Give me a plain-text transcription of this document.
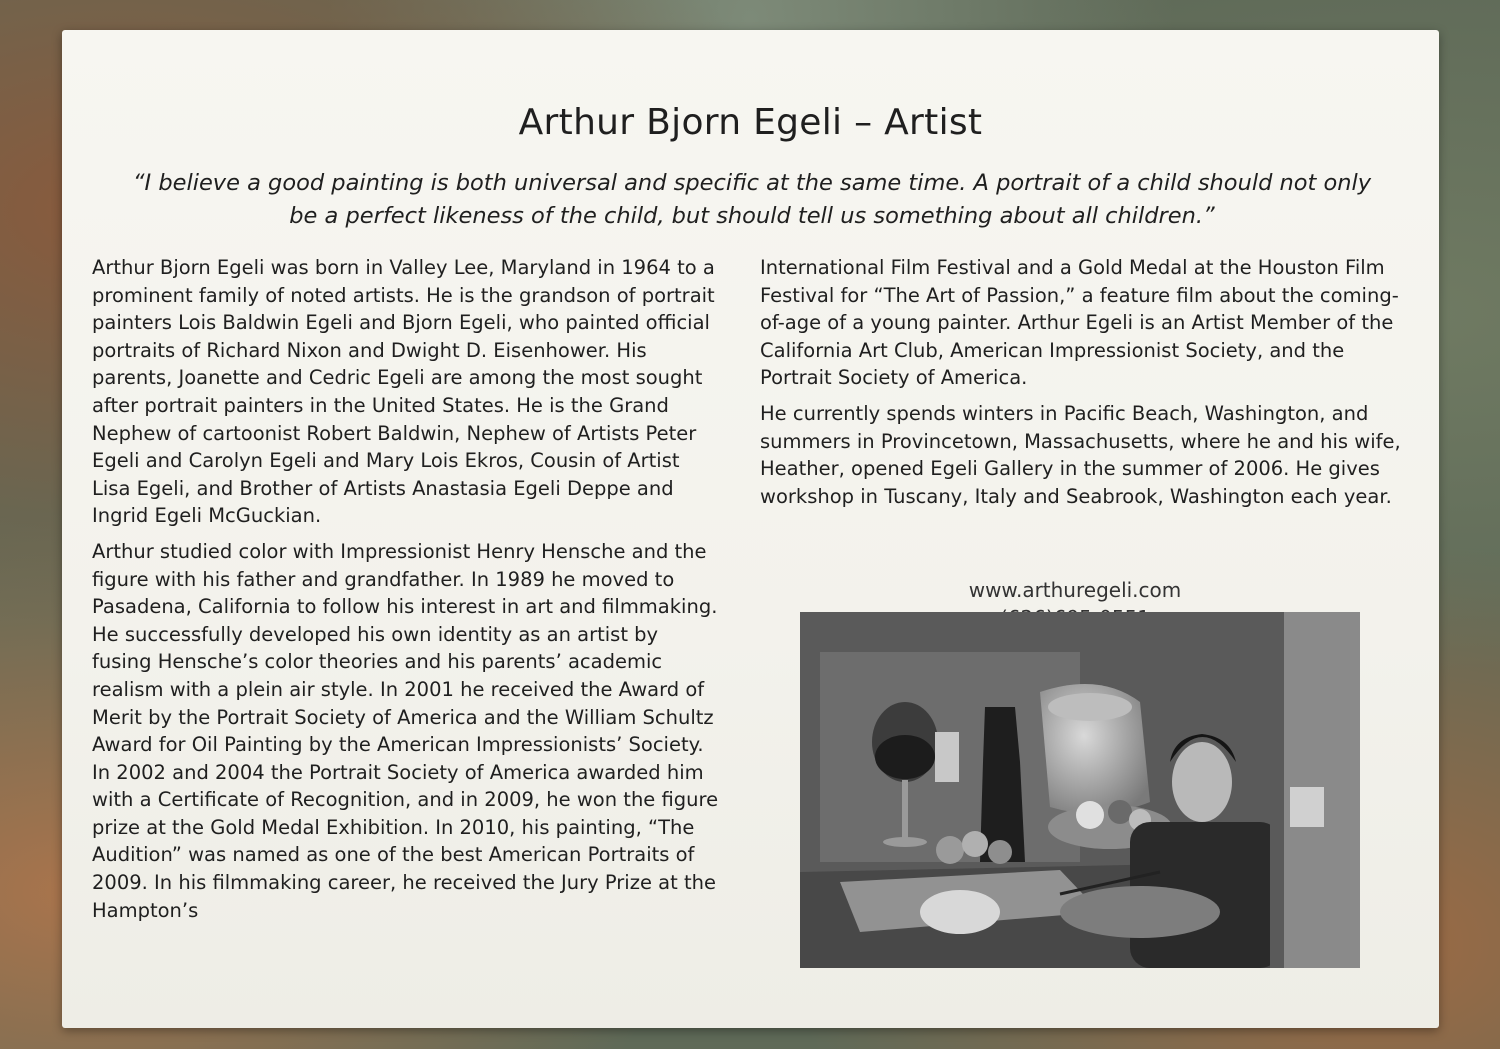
Arthur Bjorn Egeli – Artist

“I believe a good painting is both universal and specific at the same time. A portrait of a child should not only be a perfect likeness of the child, but should tell us something about all children.”

Arthur Bjorn Egeli was born in Valley Lee, Maryland in 1964 to a prominent family of noted artists. He is the grandson of portrait painters Lois Baldwin Egeli and Bjorn Egeli, who painted official portraits of Richard Nixon and Dwight D. Eisenhower. His parents, Joanette and Cedric Egeli are among the most sought after portrait painters in the United States. He is the Grand Nephew of cartoonist Robert Baldwin, Nephew of Artists Peter Egeli and Carolyn Egeli and Mary Lois Ekros, Cousin of Artist Lisa Egeli, and Brother of Artists Anastasia Egeli Deppe and Ingrid Egeli McGuckian.

Arthur studied color with Impressionist Henry Hensche and the figure with his father and grandfather. In 1989 he moved to Pasadena, California to follow his interest in art and filmmaking. He successfully developed his own identity as an artist by fusing Hensche’s color theories and his parents’ academic realism with a plein air style. In 2001 he received the Award of Merit by the Portrait Society of America and the William Schultz Award for Oil Painting by the American Impressionists’ Society. In 2002 and 2004 the Portrait Society of America awarded him with a Certificate of Recognition, and in 2009, he won the figure prize at the Gold Medal Exhibition. In 2010, his painting, “The Audition” was named as one of the best American Portraits of 2009. In his filmmaking career, he received the Jury Prize at the Hampton’s

International Film Festival and a Gold Medal at the Houston Film Festival for “The Art of Passion,” a feature film about the coming-of-age of a young painter. Arthur Egeli is an Artist Member of the California Art Club, American Impressionist Society, and the Portrait Society of America.

He currently spends winters in Pacific Beach, Washington, and summers in Provincetown, Massachusetts, where he and his wife, Heather, opened Egeli Gallery in the summer of 2006. He gives workshop in Tuscany, Italy and Seabrook, Washington each year.

www.arthuregeli.com
